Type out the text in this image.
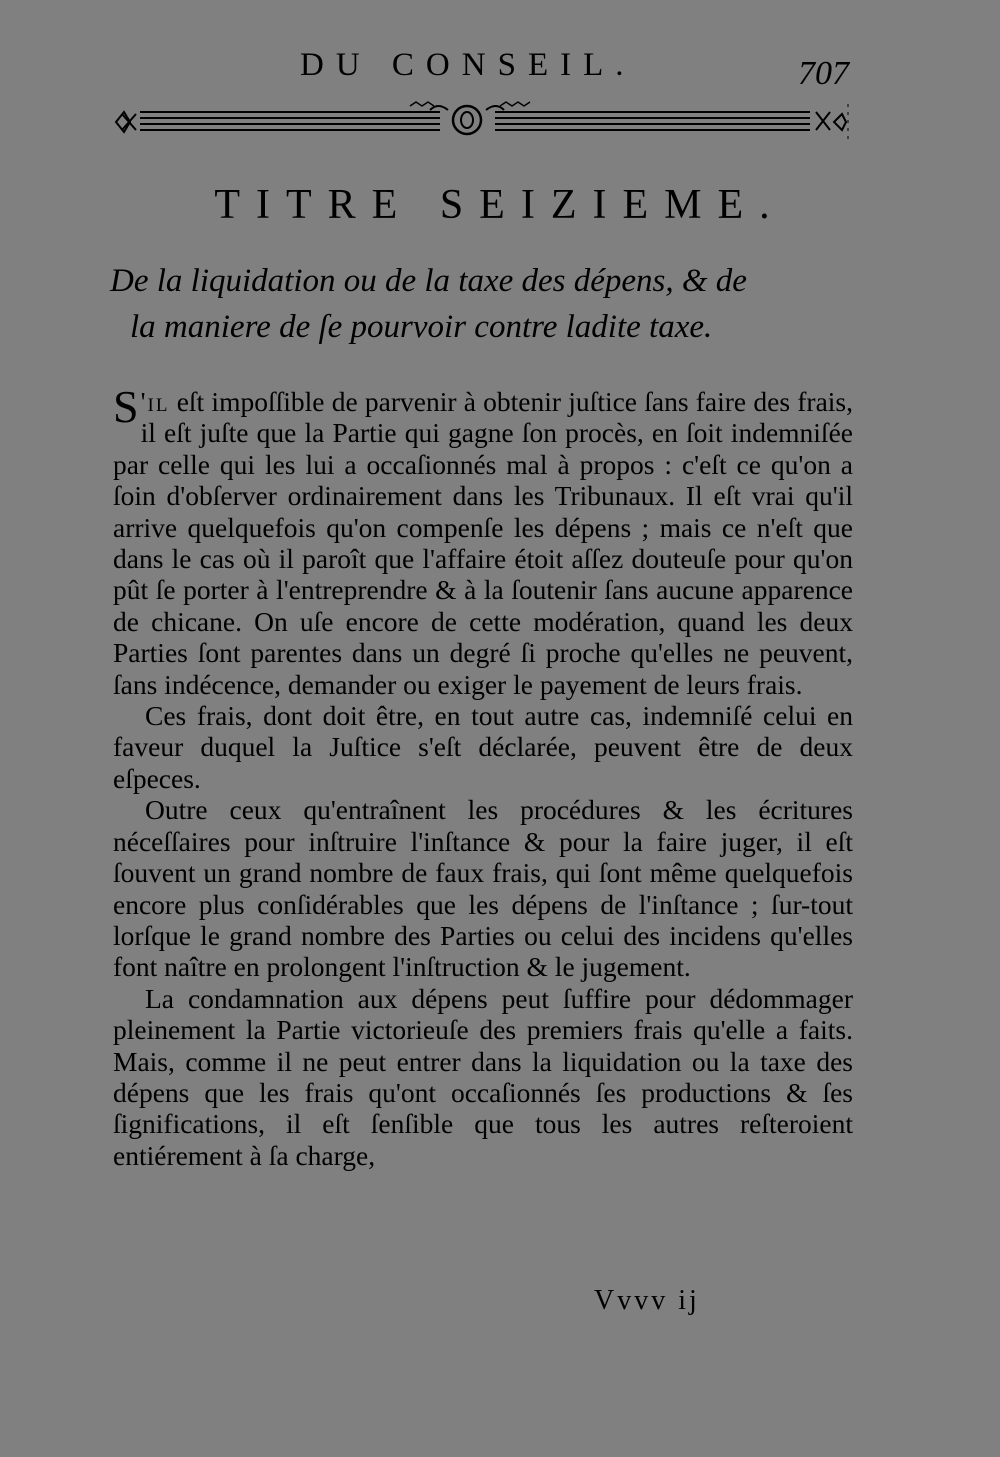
DU CONSEIL.	707
TITRE SEIZIEME.
De la liquidation ou de la taxe des dépens, & de
la maniere de ſe pourvoir contre ladite taxe.

S 'il eſt impoſſible de parvenir à obtenir juſtice ſans faire des frais, il eſt juſte que la Partie qui gagne ſon procès, en ſoit indemniſée par celle qui les lui a occaſionnés mal à propos : c'eſt ce qu'on a ſoin d'obſerver ordinairement dans les Tribunaux. Il eſt vrai qu'il arrive quelquefois qu'on compenſe les dépens ; mais ce n'eſt que dans le cas où il paroît que l'affaire étoit aſſez douteuſe pour qu'on pût ſe porter à l'entreprendre & à la ſoutenir ſans aucune apparence de chicane. On uſe encore de cette modération, quand les deux Parties ſont parentes dans un degré ſi proche qu'elles ne peuvent, ſans indécence, demander ou exiger le payement de leurs frais.

Ces frais, dont doit être, en tout autre cas, indemniſé celui en faveur duquel la Juſtice s'eſt déclarée, peuvent être de deux eſpeces.

Outre ceux qu'entraînent les procédures & les écritures néceſſaires pour inſtruire l'inſtance & pour la faire juger, il eſt ſouvent un grand nombre de faux frais, qui ſont même quelquefois encore plus conſidérables que les dépens de l'inſtance ; ſur-tout lorſque le grand nombre des Parties ou celui des incidens qu'elles font naître en prolongent l'inſtruction & le jugement.

La condamnation aux dépens peut ſuffire pour dédommager pleinement la Partie victorieuſe des premiers frais qu'elle a faits. Mais, comme il ne peut entrer dans la liquidation ou la taxe des dépens que les frais qu'ont occaſionnés ſes productions & ſes ſignifications, il eſt ſenſible que tous les autres reſteroient entiérement à ſa charge,

Vvvv ij
